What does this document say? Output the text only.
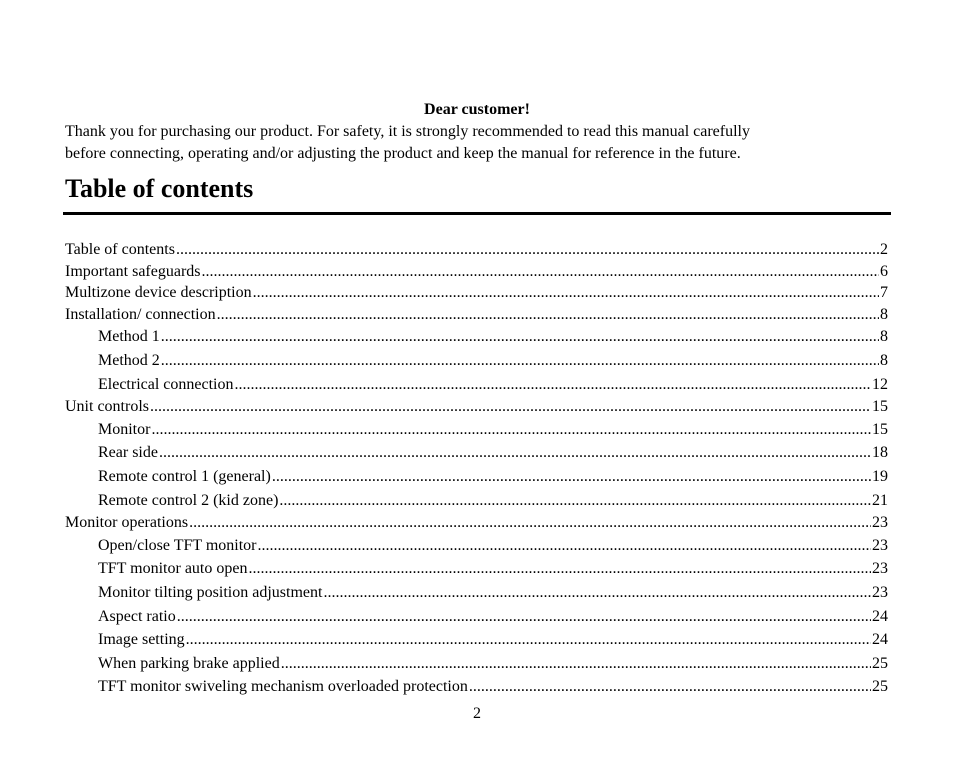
Dear customer!
Thank you for purchasing our product. For safety, it is strongly recommended to read this manual carefully
before connecting, operating and/or adjusting the product and keep the manual for reference in the future.
Table of contents
Table of contents .....	2
Important safeguards .....	6
Multizone device description .....	7
Installation/ connection .....	8
Method 1 .....	8
Method 2 .....	8
Electrical connection .....	12
Unit controls .....	15
Monitor .....	15
Rear side .....	18
Remote control 1 (general) .....	19
Remote control 2 (kid zone) .....	21
Monitor operations .....	23
Open/close TFT monitor .....	23
TFT monitor auto open .....	23
Monitor tilting position adjustment .....	23
Aspect ratio .....	24
Image setting .....	24
When parking brake applied .....	25
TFT monitor swiveling mechanism overloaded protection .....	25
2
